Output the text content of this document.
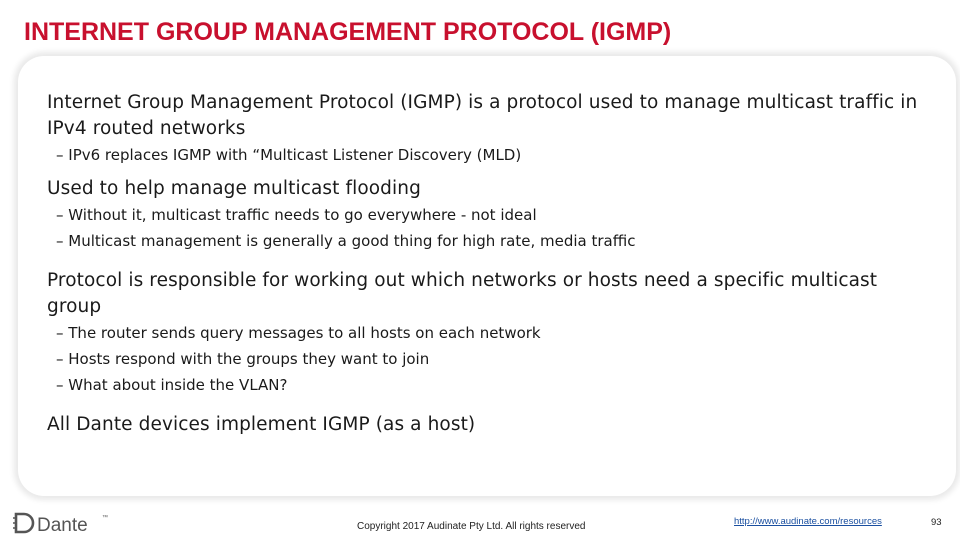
INTERNET GROUP MANAGEMENT PROTOCOL (IGMP)
Internet Group Management Protocol (IGMP) is a protocol used to manage multicast traffic in IPv4 routed networks
– IPv6 replaces IGMP with “Multicast Listener Discovery (MLD)
Used to help manage multicast flooding
– Without it, multicast traffic needs to go everywhere - not ideal
– Multicast management is generally a good thing for high rate, media traffic
Protocol is responsible for working out which networks or hosts need a specific multicast group
– The router sends query messages to all hosts on each network
– Hosts respond with the groups they want to join
– What about inside the VLAN?
All Dante devices implement IGMP (as a host)
Dante ™
Copyright 2017 Audinate Pty Ltd. All rights reserved	http://www.audinate.com/resources	93
